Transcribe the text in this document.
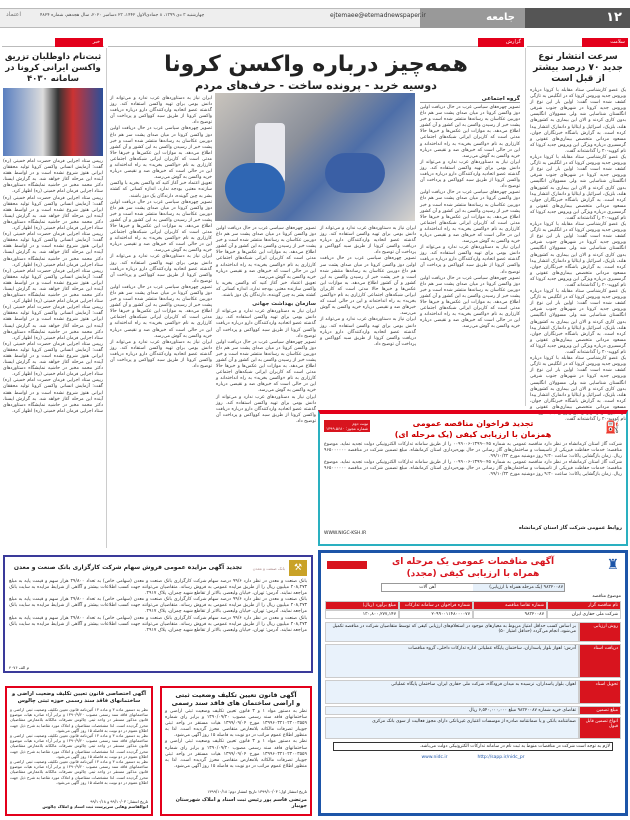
۱۲
جامعه
ejtemaee@etemadnewspaper.ir
چهارشنبه ۳ دی ۱۳۹۹، ۸ جمادی‌الاول ۱۴۴۲، ۲۳ دسامبر ۲۰۲۰، سال هجدهم، شماره ۴۸۲۴
اعتماد
سلامت
گزارش
خبر
سرعت انتشار نوع جدید ۷۰ درصد بیشتر از قبل است

یک عضو کارشناسی ستاد مقابله با کرونا درباره ویروس جدید ویروس کرونا که در انگلیس به تازگی کشف شده است گفت: اولین بار این نوع از ویروس جدید کرونا در شهرهای جنوب شرقی انگلستان شناسایی شد ولی مسوولان انگلیسی بدون کاری کردند و الان این بیماری به کشورهای هلند، بلژیک، اسرائیل و ایتالیا و دانمارک انتشار پیدا کرده است. به گزارش باشگاه خبرنگاران جوان، مسعود مردانی متخصص بیماری‌های عفونی و گرمسیری درباره ویژگی این ویروس جدید کرونا که نام کووید-۲۰ را گذاشته‌اند گفت.

یک عضو کارشناسی ستاد مقابله با کرونا درباره ویروس جدید ویروس کرونا که در انگلیس به تازگی کشف شده است گفت: اولین بار این نوع از ویروس جدید کرونا در شهرهای جنوب شرقی انگلستان شناسایی شد ولی مسوولان انگلیسی بدون کاری کردند و الان این بیماری به کشورهای هلند، بلژیک، اسرائیل و ایتالیا و دانمارک انتشار پیدا کرده است. به گزارش باشگاه خبرنگاران جوان، مسعود مردانی متخصص بیماری‌های عفونی و گرمسیری درباره ویژگی این ویروس جدید کرونا که نام کووید-۲۰ را گذاشته‌اند گفت.

یک عضو کارشناسی ستاد مقابله با کرونا درباره ویروس جدید ویروس کرونا که در انگلیس به تازگی کشف شده است گفت: اولین بار این نوع از ویروس جدید کرونا در شهرهای جنوب شرقی انگلستان شناسایی شد ولی مسوولان انگلیسی بدون کاری کردند و الان این بیماری به کشورهای هلند، بلژیک، اسرائیل و ایتالیا و دانمارک انتشار پیدا کرده است. به گزارش باشگاه خبرنگاران جوان، مسعود مردانی متخصص بیماری‌های عفونی و گرمسیری درباره ویژگی این ویروس جدید کرونا که نام کووید-۲۰ را گذاشته‌اند گفت.

یک عضو کارشناسی ستاد مقابله با کرونا درباره ویروس جدید ویروس کرونا که در انگلیس به تازگی کشف شده است گفت: اولین بار این نوع از ویروس جدید کرونا در شهرهای جنوب شرقی انگلستان شناسایی شد ولی مسوولان انگلیسی بدون کاری کردند و الان این بیماری به کشورهای هلند، بلژیک، اسرائیل و ایتالیا و دانمارک انتشار پیدا کرده است. به گزارش باشگاه خبرنگاران جوان، مسعود مردانی متخصص بیماری‌های عفونی و گرمسیری درباره ویژگی این ویروس جدید کرونا که نام کووید-۲۰ را گذاشته‌اند گفت.

یک عضو کارشناسی ستاد مقابله با کرونا درباره ویروس جدید ویروس کرونا که در انگلیس به تازگی کشف شده است گفت: اولین بار این نوع از ویروس جدید کرونا در شهرهای جنوب شرقی انگلستان شناسایی شد ولی مسوولان انگلیسی بدون کاری کردند و الان این بیماری به کشورهای هلند، بلژیک، اسرائیل و ایتالیا و دانمارک انتشار پیدا کرده است. به گزارش باشگاه خبرنگاران جوان، مسعود مردانی متخصص بیماری‌های عفونی و گرمسیری درباره ویژگی این ویروس جدید کرونا که نام کووید-۲۰ را گذاشته‌اند گفت.

همه‌چیز درباره واکسن کرونا
دوسیه خرید - پرونده ساخت - حرف‌های مردم
گروه اجتماعی

تصویر چهره‌های سیاسی غرب در حال دریافت اولین دوز واکسن کرونا در میان صدای پشت سر هم داغ دوربین عکاسان به رسانه‌ها منتشر شده است و خبر پشت خبر از رسیدن واکسن به این کشور و آن کشور اطلاع می‌دهد. به موازات این عکس‌ها و خبرها حالا مدتی است که کاربران ایرانی شبکه‌های اجتماعی کارزاری به نام «واکسن بخرید» به راه انداخته‌اند و این در حالی است که خبرهای ضد و نقیضی درباره خرید واکسن به گوش می‌رسد.

ایران نیاز به دستاوردهای غرب ندارد و می‌تواند از دانش بومی برای تهیه واکسن استفاده کند. روز گذشته عضو اتحادیه واردکنندگان دارو درباره دریافت واکسن کرونا از طریق سبد کوواکس و پرداخت آن توضیح داد.

تصویر چهره‌های سیاسی غرب در حال دریافت اولین دوز واکسن کرونا در میان صدای پشت سر هم داغ دوربین عکاسان به رسانه‌ها منتشر شده است و خبر پشت خبر از رسیدن واکسن به این کشور و آن کشور اطلاع می‌دهد. به موازات این عکس‌ها و خبرها حالا مدتی است که کاربران ایرانی شبکه‌های اجتماعی کارزاری به نام «واکسن بخرید» به راه انداخته‌اند و این در حالی است که خبرهای ضد و نقیضی درباره خرید واکسن به گوش می‌رسد.

ایران نیاز به دستاوردهای غرب ندارد و می‌تواند از دانش بومی برای تهیه واکسن استفاده کند. روز گذشته عضو اتحادیه واردکنندگان دارو درباره دریافت واکسن کرونا از طریق سبد کوواکس و پرداخت آن توضیح داد.

تصویر چهره‌های سیاسی غرب در حال دریافت اولین دوز واکسن کرونا در میان صدای پشت سر هم داغ دوربین عکاسان به رسانه‌ها منتشر شده است و خبر پشت خبر از رسیدن واکسن به این کشور و آن کشور اطلاع می‌دهد. به موازات این عکس‌ها و خبرها حالا مدتی است که کاربران ایرانی شبکه‌های اجتماعی کارزاری به نام «واکسن بخرید» به راه انداخته‌اند و این در حالی است که خبرهای ضد و نقیضی درباره خرید واکسن به گوش می‌رسد.

ایران نیاز به دستاوردهای غرب ندارد و می‌تواند از دانش بومی برای تهیه واکسن استفاده کند. روز گذشته عضو اتحادیه واردکنندگان دارو درباره دریافت واکسن کرونا از طریق سبد کوواکس و پرداخت آن توضیح داد.

تصویر چهره‌های سیاسی غرب در حال دریافت اولین دوز واکسن کرونا در میان صدای پشت سر هم داغ دوربین عکاسان به رسانه‌ها منتشر شده است و خبر پشت خبر از رسیدن واکسن به این کشور و آن کشور اطلاع می‌دهد. به موازات این عکس‌ها و خبرها حالا مدتی است که کاربران ایرانی شبکه‌های اجتماعی کارزاری به نام «واکسن بخرید» به راه انداخته‌اند و این در حالی است که خبرهای ضد و نقیضی درباره خرید واکسن به گوش می‌رسد.

ایران نیاز به دستاوردهای غرب ندارد و می‌تواند از دانش بومی برای تهیه واکسن استفاده کند. روز گذشته عضو اتحادیه واردکنندگان دارو درباره دریافت واکسن کرونا از طریق سبد کوواکس و پرداخت آن توضیح داد.

تصویر چهره‌های سیاسی غرب در حال دریافت اولین دوز واکسن کرونا در میان صدای پشت سر هم داغ دوربین عکاسان به رسانه‌ها منتشر شده است و خبر پشت خبر از رسیدن واکسن به این کشور و آن کشور اطلاع می‌دهد. به موازات این عکس‌ها و خبرها حالا مدتی است که کاربران ایرانی شبکه‌های اجتماعی کارزاری به نام «واکسن بخرید» به راه انداخته‌اند و این در حالی است که خبرهای ضد و نقیضی درباره خرید واکسن به گوش می‌رسد.

تعویق اعتماد خبر آغاز کنید که واکسن بخرید با واکسن سازنده معتبر، بودجه ندارد، اندازه کسانی که کشته بشر به چین گوینده، دارندگان یک دوز باشند.

سازمان بهداشت جهانی

ایران نیاز به دستاوردهای غرب ندارد و می‌تواند از دانش بومی برای تهیه واکسن استفاده کند. روز گذشته عضو اتحادیه واردکنندگان دارو درباره دریافت واکسن کرونا از طریق سبد کوواکس و پرداخت آن توضیح داد.

تصویر چهره‌های سیاسی غرب در حال دریافت اولین دوز واکسن کرونا در میان صدای پشت سر هم داغ دوربین عکاسان به رسانه‌ها منتشر شده است و خبر پشت خبر از رسیدن واکسن به این کشور و آن کشور اطلاع می‌دهد. به موازات این عکس‌ها و خبرها حالا مدتی است که کاربران ایرانی شبکه‌های اجتماعی کارزاری به نام «واکسن بخرید» به راه انداخته‌اند و این در حالی است که خبرهای ضد و نقیضی درباره خرید واکسن به گوش می‌رسد.

ایران نیاز به دستاوردهای غرب ندارد و می‌تواند از دانش بومی برای تهیه واکسن استفاده کند. روز گذشته عضو اتحادیه واردکنندگان دارو درباره دریافت واکسن کرونا از طریق سبد کوواکس و پرداخت آن توضیح داد.

ایران نیاز به دستاوردهای غرب ندارد و می‌تواند از دانش بومی برای تهیه واکسن استفاده کند. روز گذشته عضو اتحادیه واردکنندگان دارو درباره دریافت واکسن کرونا از طریق سبد کوواکس و پرداخت آن توضیح داد.

تصویر چهره‌های سیاسی غرب در حال دریافت اولین دوز واکسن کرونا در میان صدای پشت سر هم داغ دوربین عکاسان به رسانه‌ها منتشر شده است و خبر پشت خبر از رسیدن واکسن به این کشور و آن کشور اطلاع می‌دهد. به موازات این عکس‌ها و خبرها حالا مدتی است که کاربران ایرانی شبکه‌های اجتماعی کارزاری به نام «واکسن بخرید» به راه انداخته‌اند و این در حالی است که خبرهای ضد و نقیضی درباره خرید واکسن به گوش می‌رسد.

تعویق اعتماد خبر آغاز کنید که واکسن بخرید با واکسن سازنده معتبر، بودجه ندارد، اندازه کسانی که کشته بشر به چین گوینده، دارندگان یک دوز باشند.

تصویر چهره‌های سیاسی غرب در حال دریافت اولین دوز واکسن کرونا در میان صدای پشت سر هم داغ دوربین عکاسان به رسانه‌ها منتشر شده است و خبر پشت خبر از رسیدن واکسن به این کشور و آن کشور اطلاع می‌دهد. به موازات این عکس‌ها و خبرها حالا مدتی است که کاربران ایرانی شبکه‌های اجتماعی کارزاری به نام «واکسن بخرید» به راه انداخته‌اند و این در حالی است که خبرهای ضد و نقیضی درباره خرید واکسن به گوش می‌رسد.

ایران نیاز به دستاوردهای غرب ندارد و می‌تواند از دانش بومی برای تهیه واکسن استفاده کند. روز گذشته عضو اتحادیه واردکنندگان دارو درباره دریافت واکسن کرونا از طریق سبد کوواکس و پرداخت آن توضیح داد.

تصویر چهره‌های سیاسی غرب در حال دریافت اولین دوز واکسن کرونا در میان صدای پشت سر هم داغ دوربین عکاسان به رسانه‌ها منتشر شده است و خبر پشت خبر از رسیدن واکسن به این کشور و آن کشور اطلاع می‌دهد. به موازات این عکس‌ها و خبرها حالا مدتی است که کاربران ایرانی شبکه‌های اجتماعی کارزاری به نام «واکسن بخرید» به راه انداخته‌اند و این در حالی است که خبرهای ضد و نقیضی درباره خرید واکسن به گوش می‌رسد.

ایران نیاز به دستاوردهای غرب ندارد و می‌تواند از دانش بومی برای تهیه واکسن استفاده کند. روز گذشته عضو اتحادیه واردکنندگان دارو درباره دریافت واکسن کرونا از طریق سبد کوواکس و پرداخت آن توضیح داد.

ثبت‌نام داوطلبان تزریق واکسن ایرانی کرونا در سامانه ۴۰۳۰

رییس ستاد اجرایی فرمان حضرت امام خمینی (ره) گفت: آزمایش انسانی واکسن کرونا تولید محققان ایرانی هنوز شروع نشده است و در اواسط هفته آینده این مرحله آغاز خواهد شد. به گزارش ایسنا، دکتر محمد مخبر در حاشیه نمایشگاه دستاوردهای ستاد اجرایی فرمان امام خمینی (ره) اظهار کرد.

رییس ستاد اجرایی فرمان حضرت امام خمینی (ره) گفت: آزمایش انسانی واکسن کرونا تولید محققان ایرانی هنوز شروع نشده است و در اواسط هفته آینده این مرحله آغاز خواهد شد. به گزارش ایسنا، دکتر محمد مخبر در حاشیه نمایشگاه دستاوردهای ستاد اجرایی فرمان امام خمینی (ره) اظهار کرد.

رییس ستاد اجرایی فرمان حضرت امام خمینی (ره) گفت: آزمایش انسانی واکسن کرونا تولید محققان ایرانی هنوز شروع نشده است و در اواسط هفته آینده این مرحله آغاز خواهد شد. به گزارش ایسنا، دکتر محمد مخبر در حاشیه نمایشگاه دستاوردهای ستاد اجرایی فرمان امام خمینی (ره) اظهار کرد.

رییس ستاد اجرایی فرمان حضرت امام خمینی (ره) گفت: آزمایش انسانی واکسن کرونا تولید محققان ایرانی هنوز شروع نشده است و در اواسط هفته آینده این مرحله آغاز خواهد شد. به گزارش ایسنا، دکتر محمد مخبر در حاشیه نمایشگاه دستاوردهای ستاد اجرایی فرمان امام خمینی (ره) اظهار کرد.

رییس ستاد اجرایی فرمان حضرت امام خمینی (ره) گفت: آزمایش انسانی واکسن کرونا تولید محققان ایرانی هنوز شروع نشده است و در اواسط هفته آینده این مرحله آغاز خواهد شد. به گزارش ایسنا، دکتر محمد مخبر در حاشیه نمایشگاه دستاوردهای ستاد اجرایی فرمان امام خمینی (ره) اظهار کرد.

رییس ستاد اجرایی فرمان حضرت امام خمینی (ره) گفت: آزمایش انسانی واکسن کرونا تولید محققان ایرانی هنوز شروع نشده است و در اواسط هفته آینده این مرحله آغاز خواهد شد. به گزارش ایسنا، دکتر محمد مخبر در حاشیه نمایشگاه دستاوردهای ستاد اجرایی فرمان امام خمینی (ره) اظهار کرد.

رییس ستاد اجرایی فرمان حضرت امام خمینی (ره) گفت: آزمایش انسانی واکسن کرونا تولید محققان ایرانی هنوز شروع نشده است و در اواسط هفته آینده این مرحله آغاز خواهد شد. به گزارش ایسنا، دکتر محمد مخبر در حاشیه نمایشگاه دستاوردهای ستاد اجرایی فرمان امام خمینی (ره) اظهار کرد.

تجدید فراخوان مناقصه عمومی
همزمان با ارزیابی کیفی (یک مرحله ای)
نوبت دوم
شماره مجوز: ۱۳۹۹.۵۶۸۰	⛽

شرکت گاز استان کرمانشاه در نظر دارد مناقصه عمومی به شماره ۰۴۵-۱۳۹۹-۰۰۹۹۰۰۶ را از طریق سامانه تدارکات الکترونیکی دولت تجدید نماید. موضوع مناقصه: خدمات حفاظت فیزیکی از تاسیسات و ساختمان‌های گاز رسانی در حال بهره‌برداری استان کرمانشاه. مبلغ تضمین شرکت در مناقصه ۹۶۵۰۰۰۰۰۰ ریال. زمان بازگشایی پاکات: ساعت ۹:۳۰ روز دوشنبه مورخ ۹۹/۱۰/۲۲.

شرکت گاز استان کرمانشاه در نظر دارد مناقصه عمومی به شماره ۰۴۵-۱۳۹۹-۰۰۹۹۰۰۶ را از طریق سامانه تدارکات الکترونیکی دولت تجدید نماید. موضوع مناقصه: خدمات حفاظت فیزیکی از تاسیسات و ساختمان‌های گاز رسانی در حال بهره‌برداری استان کرمانشاه. مبلغ تضمین شرکت در مناقصه ۹۶۵۰۰۰۰۰۰ ریال. زمان بازگشایی پاکات: ساعت ۹:۳۰ روز دوشنبه مورخ ۹۹/۱۰/۲۲.

روابط عمومی شرکت گاز استان کرمانشاه
WWW.NIGC-KSH.IR
آگهی مناقصات عمومی یک مرحله ای
همراه با ارزیابی کیفی (مجدد)
♜
۹۸۳۲۰۰۸۷ (یک مرحله همراه با ارزیابی)
آهن آلات
موضوع مناقصه
نام مناقصه گزار
شماره تقاضا مناقصه
شماره فراخوان در سامانه تدارکات
مبلغ برآورد (ریال)
شرکت ملی حفاری ایران
۹۸۳۲۰۰۸۷
۲۰۹۹۰۰۱۱۴۸۰۰۰۰۷۷
۱۳۰,۸۰۰,۲۷۷,۱۴۷
روش ارزیابی
بر اساس کسب حداقل امتیاز مربوط به معیارهای موجود در استعلام‌های ارزیابی کیفی که توسط متقاضیان شرکت در مناقصه تکمیل می‌شود، انجام می‌گردد (حداقل امتیاز ۵۰)
دریافت اسناد
آدرس: اهواز بلوار پاسداران، ساختمان پایگاه عملیاتی اداره تدارکات داخلی، گروه مناقصات
تحویل اسناد
اهواز، بلوار پاسداران، نرسیده به میدان فرودگاه، شرکت ملی حفاری ایران، ساختمان پایگاه عملیاتی
مبلغ تضمین
تقاضای خرید شماره ۹۸۳۲۰۰۸۷ مبلغ ۶,۵۴۰,۰۰۰,۰۰۰ ریال
انواع تضمین قابل قبول
ضمانتنامه بانکی و یا ضمانتنامه صادره از موسسات اعتباری غیربانکی دارای مجوز فعالیت از سوی بانک مرکزی
لازم به توجه است شرکت در مناقصات منوط به ثبت نام در سامانه تدارکات الکترونیکی دولت می‌باشد.
www.nidc.ir	http://sapp.ir/nidc_pr
⚒
بانک صنعت و معدن
تجدید آگهی مزایده عمومی فروش سهام شرکت کارگزاری بانک صنعت و معدن

بانک صنعت و معدن در نظر دارد ۹۹/۶ درصد سهام شرکت کارگزاری بانک صنعت و معدن (سهامی خاص) به تعداد ۲۹/۸۰۰ هزار سهم و قیمت پایه به مبلغ ۲۰۸,۲۷۳ میلیون ریال را از طریق مزایده عمومی به فروش رساند. متقاضیان می‌توانند جهت کسب اطلاعات بیشتر و آگاهی از شرایط مزایده به سایت بانک مراجعه نمایند. آدرس: تهران، خیابان ولیعصر، بالاتر از تقاطع شهید چمران، پلاک ۲۹۱۷.

بانک صنعت و معدن در نظر دارد ۹۹/۶ درصد سهام شرکت کارگزاری بانک صنعت و معدن (سهامی خاص) به تعداد ۲۹/۸۰۰ هزار سهم و قیمت پایه به مبلغ ۲۰۸,۲۷۳ میلیون ریال را از طریق مزایده عمومی به فروش رساند. متقاضیان می‌توانند جهت کسب اطلاعات بیشتر و آگاهی از شرایط مزایده به سایت بانک مراجعه نمایند. آدرس: تهران، خیابان ولیعصر، بالاتر از تقاطع شهید چمران، پلاک ۲۹۱۷.

بانک صنعت و معدن در نظر دارد ۹۹/۶ درصد سهام شرکت کارگزاری بانک صنعت و معدن (سهامی خاص) به تعداد ۲۹/۸۰۰ هزار سهم و قیمت پایه به مبلغ ۲۰۸,۲۷۳ میلیون ریال را از طریق مزایده عمومی به فروش رساند. متقاضیان می‌توانند جهت کسب اطلاعات بیشتر و آگاهی از شرایط مزایده به سایت بانک مراجعه نمایند. آدرس: تهران، خیابان ولیعصر، بالاتر از تقاطع شهید چمران، پلاک ۲۹۱۷.

م الف ۴۰۷۶
آگهی اختصاصی قانون تعیین تکلیف وضعیت اراضی و
ساختمانهای فاقد سند رسمی حوزه ثبتی چالوس

نظر به دستور ماده ۳ و ماده ۱۳ آئین‌نامه قانون تعیین تکلیف وضعیت ثبتی اراضی و ساختمانهای فاقد سند رسمی مصوب ۱۳۹۰/۹/۲۰ و برابر آراء صادره هیات موضوع قانون مذکور مستقر در واحد ثبتی چالوس تصرفات مالکانه بلامعارض متقاضیان محرز گردیده است. لذا مشخصات متقاضیان و املاک مورد تقاضا به شرح ذیل جهت اطلاع عموم در دو نوبت به فاصله ۱۵ روز آگهی می‌شود.

نظر به دستور ماده ۳ و ماده ۱۳ آئین‌نامه قانون تعیین تکلیف وضعیت ثبتی اراضی و ساختمانهای فاقد سند رسمی مصوب ۱۳۹۰/۹/۲۰ و برابر آراء صادره هیات موضوع قانون مذکور مستقر در واحد ثبتی چالوس تصرفات مالکانه بلامعارض متقاضیان محرز گردیده است. لذا مشخصات متقاضیان و املاک مورد تقاضا به شرح ذیل جهت اطلاع عموم در دو نوبت به فاصله ۱۵ روز آگهی می‌شود.

نظر به دستور ماده ۳ و ماده ۱۳ آئین‌نامه قانون تعیین تکلیف وضعیت ثبتی اراضی و ساختمانهای فاقد سند رسمی مصوب ۱۳۹۰/۹/۲۰ و برابر آراء صادره هیات موضوع قانون مذکور مستقر در واحد ثبتی چالوس تصرفات مالکانه بلامعارض متقاضیان محرز گردیده است. لذا مشخصات متقاضیان و املاک مورد تقاضا به شرح ذیل جهت اطلاع عموم در دو نوبت به فاصله ۱۵ روز آگهی می‌شود.

تاریخ انتشار: ۹۹/۱۰/۰۳ و ۹۹/۱۰/۱۸
ابوالقاسم وهابی سرپرست ثبت اسناد و املاک چالوس
آگهی قانون تعیین تکلیف وضعیت ثبتی
و اراضی ساختمان های فاقد سند رسمی

نظر به دستور مواد ۱ و ۳ قانون تعیین تکلیف وضعیت ثبتی اراضی و ساختمانهای فاقد سند رسمی مصوب ۱۳۹۰/۰۹/۲۰ و برابر رای شماره ۱۳۹۹۶۰۳۲۱۰۲۲۰۰۳۵۵۹ مورخ ۱۳۹۹/۰۹/۰۴ هیات مستقر در واحد ثبتی جویبار تصرفات مالکانه بلامعارض متقاضی محرز گردیده است. لذا به منظور اطلاع عموم مراتب در دو نوبت به فاصله ۱۵ روز آگهی می‌شود.

نظر به دستور مواد ۱ و ۳ قانون تعیین تکلیف وضعیت ثبتی اراضی و ساختمانهای فاقد سند رسمی مصوب ۱۳۹۰/۰۹/۲۰ و برابر رای شماره ۱۳۹۹۶۰۳۲۱۰۲۲۰۰۳۵۵۹ مورخ ۱۳۹۹/۰۹/۰۴ هیات مستقر در واحد ثبتی جویبار تصرفات مالکانه بلامعارض متقاضی محرز گردیده است. لذا به منظور اطلاع عموم مراتب در دو نوبت به فاصله ۱۵ روز آگهی می‌شود.

تاریخ انتشار اول: ۱۳۹۹/۱۰/۰۳ تاریخ انتشار دوم: ۱۳۹۹/۱۰/۱۸
مرتضی قاسم پور رئیس ثبت اسناد و املاک شهرستان جویبار
